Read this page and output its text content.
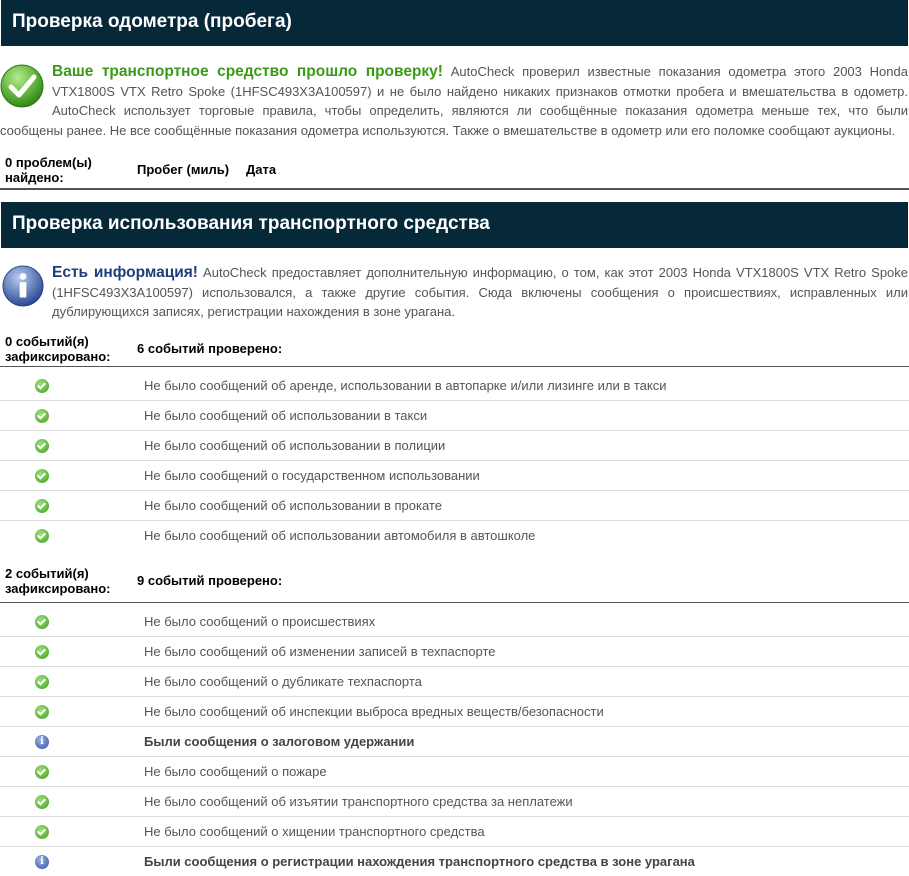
Проверка одометра (пробега)
Ваше транспортное средство прошло проверку! AutoCheck проверил известные показания одометра этого 2003 Honda VTX1800S VTX Retro Spoke (1HFSC493X3A100597) и не было найдено никаких признаков отмотки пробега и вмешательства в одометр. AutoCheck использует торговые правила, чтобы определить, являются ли сообщённые показания одометра меньше тех, что были сообщены ранее. Не все сообщённые показания одометра используются. Также о вмешательстве в одометр или его поломке сообщают аукционы.
0 проблем(ы) найдено:	Пробег (миль)	Дата
Проверка использования транспортного средства
Есть информация! AutoCheck предоставляет дополнительную информацию, о том, как этот 2003 Honda VTX1800S VTX Retro Spoke (1HFSC493X3A100597) использовался, а также другие события. Сюда включены сообщения о происшествиях, исправленных или дублирующихся записях, регистрации нахождения в зоне урагана.
0 событий(я) зафиксировано:	6 событий проверено:
	Не было сообщений об аренде, использовании в автопарке и/или лизинге или в такси
	Не было сообщений об использовании в такси
	Не было сообщений об использовании в полиции
	Не было сообщений о государственном использовании
	Не было сообщений об использовании в прокате
	Не было сообщений об использовании автомобиля в автошколе
2 событий(я) зафиксировано:	9 событий проверено:
	Не было сообщений о происшествиях
	Не было сообщений об изменении записей в техпаспорте
	Не было сообщений о дубликате техпаспорта
	Не было сообщений об инспекции выброса вредных веществ/безопасности
i	Были сообщения о залоговом удержании
	Не было сообщений о пожаре
	Не было сообщений об изъятии транспортного средства за неплатежи
	Не было сообщений о хищении транспортного средства
i	Были сообщения о регистрации нахождения транспортного средства в зоне урагана
